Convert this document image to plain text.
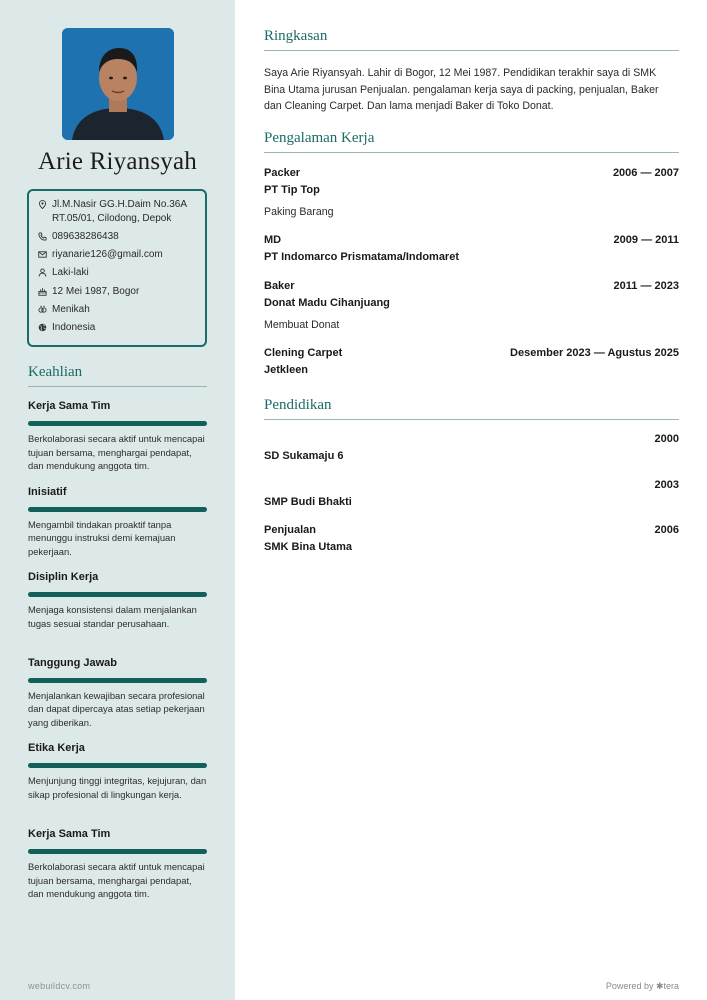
Arie Riyansyah
Jl.M.Nasir GG.H.Daim No.36A RT.05/01, Cilodong, Depok
089638286438
riyanarie126@gmail.com
Laki-laki
12 Mei 1987, Bogor
Menikah
Indonesia
Keahlian
Kerja Sama Tim
Berkolaborasi secara aktif untuk mencapai tujuan bersama, menghargai pendapat, dan mendukung anggota tim.
Inisiatif
Mengambil tindakan proaktif tanpa menunggu instruksi demi kemajuan pekerjaan.
Disiplin Kerja
Menjaga konsistensi dalam menjalankan tugas sesuai standar perusahaan.
Tanggung Jawab
Menjalankan kewajiban secara profesional dan dapat dipercaya atas setiap pekerjaan yang diberikan.
Etika Kerja
Menjunjung tinggi integritas, kejujuran, dan sikap profesional di lingkungan kerja.
Kerja Sama Tim
Berkolaborasi secara aktif untuk mencapai tujuan bersama, menghargai pendapat, dan mendukung anggota tim.
webuildcv.com
Ringkasan
Saya Arie Riyansyah. Lahir di Bogor, 12 Mei 1987. Pendidikan terakhir saya di SMK Bina Utama jurusan Penjualan. pengalaman kerja saya di packing, penjualan, Baker dan Cleaning Carpet. Dan lama menjadi Baker di Toko Donat.
Pengalaman Kerja
Packer	2006 — 2007
PT Tip Top
Paking Barang
MD	2009 — 2011
PT Indomarco Prismatama/Indomaret
Baker	2011 — 2023
Donat Madu Cihanjuang
Membuat Donat
Clening Carpet	Desember 2023 — Agustus 2025
Jetkleen
Pendidikan
2000
SD Sukamaju 6
2003
SMP Budi Bhakti
Penjualan	2006
SMK Bina Utama
Powered by ✱tera
